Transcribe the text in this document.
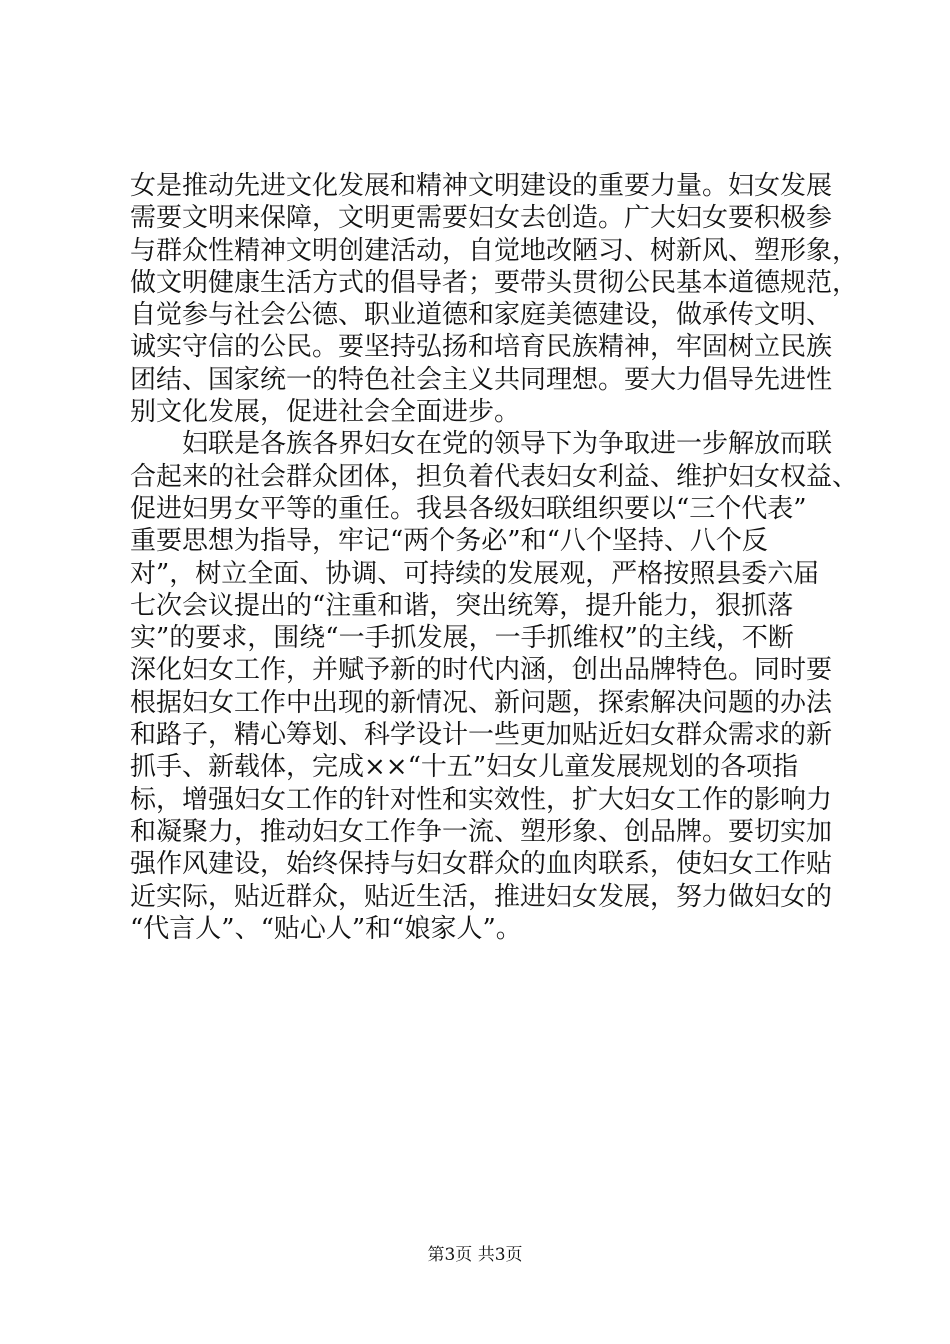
女是推动先进文化发展和精神文明建设的重要力量。妇女发展
需要文明来保障，文明更需要妇女去创造。广大妇女要积极参
与群众性精神文明创建活动，自觉地改陋习、树新风、塑形象，
做文明健康生活方式的倡导者；要带头贯彻公民基本道德规范，
自觉参与社会公德、职业道德和家庭美德建设，做承传文明、
诚实守信的公民。要坚持弘扬和培育民族精神，牢固树立民族
团结、国家统一的特色社会主义共同理想。要大力倡导先进性
别文化发展，促进社会全面进步。
　　妇联是各族各界妇女在党的领导下为争取进一步解放而联
合起来的社会群众团体，担负着代表妇女利益、维护妇女权益、
促进妇男女平等的重任。我县各级妇联组织要以“三个代表”
重要思想为指导，牢记“两个务必”和“八个坚持、八个反
对”，树立全面、协调、可持续的发展观，严格按照县委六届
七次会议提出的“注重和谐，突出统筹，提升能力，狠抓落
实”的要求，围绕“一手抓发展，一手抓维权”的主线，不断
深化妇女工作，并赋予新的时代内涵，创出品牌特色。同时要
根据妇女工作中出现的新情况、新问题，探索解决问题的办法
和路子，精心筹划、科学设计一些更加贴近妇女群众需求的新
抓手、新载体，完成××“十五”妇女儿童发展规划的各项指
标，增强妇女工作的针对性和实效性，扩大妇女工作的影响力
和凝聚力，推动妇女工作争一流、塑形象、创品牌。要切实加
强作风建设，始终保持与妇女群众的血肉联系，使妇女工作贴
近实际，贴近群众，贴近生活，推进妇女发展，努力做妇女的
“代言人”、“贴心人”和“娘家人”。
第3页 共3页
